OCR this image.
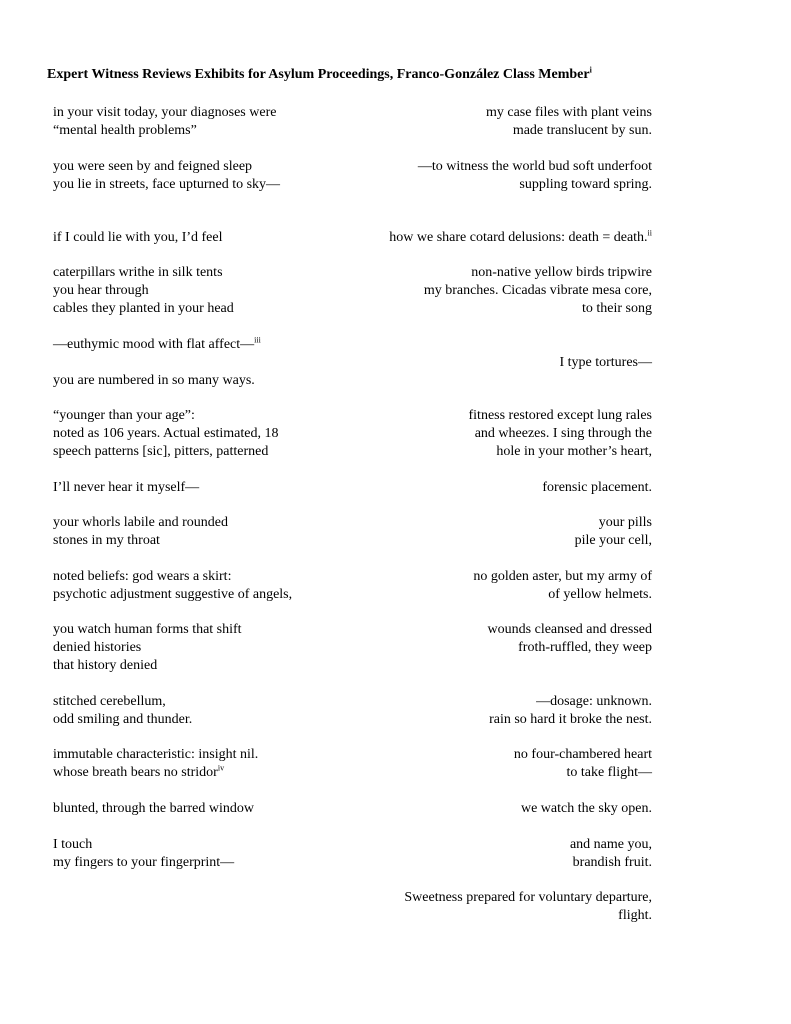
Expert Witness Reviews Exhibits for Asylum Proceedings, Franco-González Class Member$^i$
in your visit today, your diagnoses were
“mental health problems”
you were seen by and feigned sleep
you lie in streets, face upturned to sky—
if I could lie with you, I’d feel
caterpillars writhe in silk tents
you hear through
cables they planted in your head
—euthymic mood with flat affect—$^{iii}$
you are numbered in so many ways.
“younger than your age”:
noted as 106 years. Actual estimated, 18
speech patterns [sic], pitters, patterned
I’ll never hear it myself—
your whorls labile and rounded
stones in my throat
noted beliefs: god wears a skirt:
psychotic adjustment suggestive of angels,
you watch human forms that shift
denied histories
that history denied
stitched cerebellum,
odd smiling and thunder.
immutable characteristic: insight nil.
whose breath bears no stridor$^{iv}$
blunted, through the barred window
I touch
my fingers to your fingerprint—
my case files with plant veins
made translucent by sun.
—to witness the world bud soft underfoot
suppling toward spring.
how we share cotard delusions: death = death.$^{ii}$
non-native yellow birds tripwire
my branches. Cicadas vibrate mesa core,
to their song
I type tortures—
fitness restored except lung rales
and wheezes. I sing through the
hole in your mother’s heart,
forensic placement.
your pills
pile your cell,
no golden aster, but my army of
of yellow helmets.
wounds cleansed and dressed
froth-ruffled, they weep
—dosage: unknown.
rain so hard it broke the nest.
no four-chambered heart
to take flight—
we watch the sky open.
and name you,
brandish fruit.
Sweetness prepared for voluntary departure,
flight.
